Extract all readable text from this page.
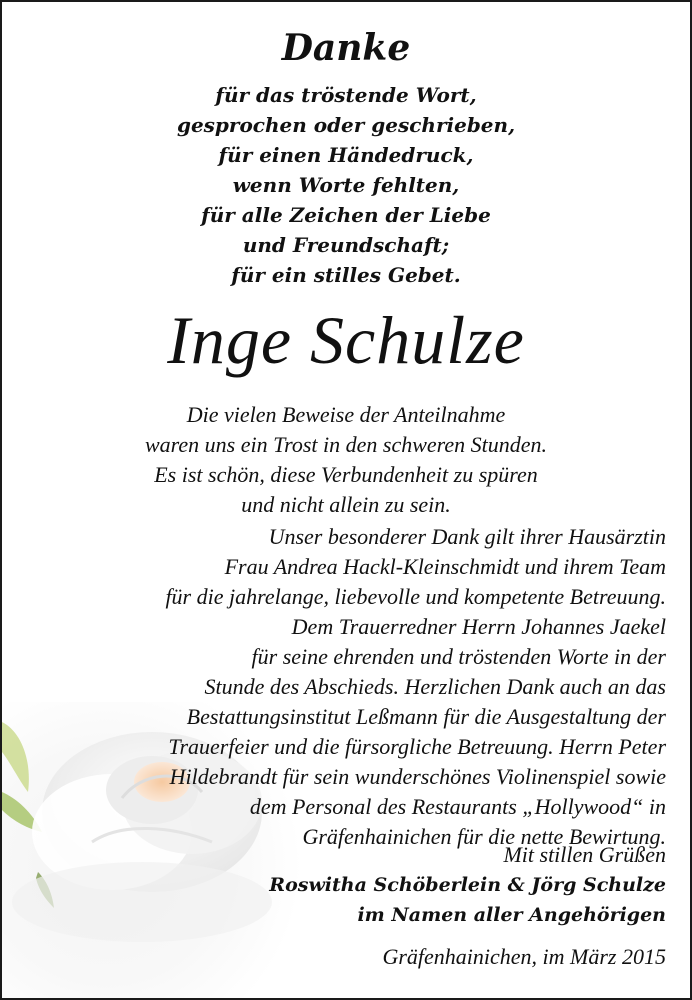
Danke
für das tröstende Wort,
gesprochen oder geschrieben,
für einen Händedruck,
wenn Worte fehlten,
für alle Zeichen der Liebe
und Freundschaft;
für ein stilles Gebet.
Inge Schulze
Die vielen Beweise der Anteilnahme
waren uns ein Trost in den schweren Stunden.
Es ist schön, diese Verbundenheit zu spüren
und nicht allein zu sein.
Unser besonderer Dank gilt ihrer Hausärztin
Frau Andrea Hackl-Kleinschmidt und ihrem Team
für die jahrelange, liebevolle und kompetente Betreuung.
Dem Trauerredner Herrn Johannes Jaekel
für seine ehrenden und tröstenden Worte in der
Stunde des Abschieds. Herzlichen Dank auch an das
Bestattungsinstitut Leßmann für die Ausgestaltung der
Trauerfeier und die fürsorgliche Betreuung. Herrn Peter
Hildebrandt für sein wunderschönes Violinenspiel sowie
dem Personal des Restaurants „Hollywood“ in
Gräfenhainichen für die nette Bewirtung.
Mit stillen Grüßen
Roswitha Schöberlein & Jörg Schulze
im Namen aller Angehörigen
Gräfenhainichen, im März 2015
